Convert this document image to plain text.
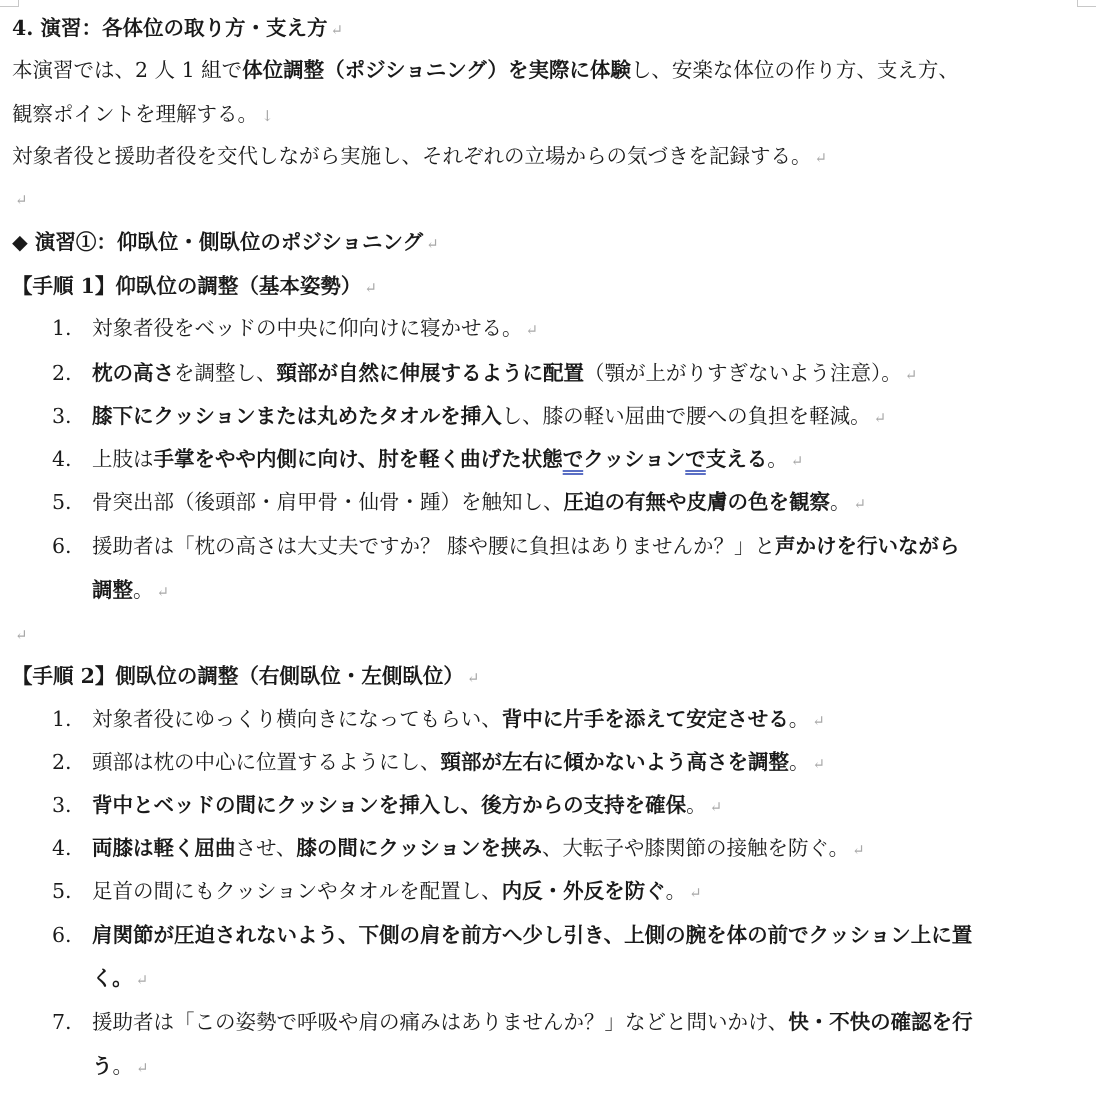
4. 演習：各体位の取り方・支え方 ↵
本演習では、2 人 1 組で体位調整（ポジショニング）を実際に体験し、安楽な体位の作り方、支え方、
観察ポイントを理解する。 ↓
対象者役と援助者役を交代しながら実施し、それぞれの立場からの気づきを記録する。 ↵
↵
◆ 演習①：仰臥位・側臥位のポジショニング ↵
【手順 1】仰臥位の調整（基本姿勢） ↵
1. 対象者役をベッドの中央に仰向けに寝かせる。 ↵
2. 枕の高さを調整し、頸部が自然に伸展するように配置（顎が上がりすぎないよう注意）。 ↵
3. 膝下にクッションまたは丸めたタオルを挿入し、膝の軽い屈曲で腰への負担を軽減。 ↵
4. 上肢は手掌をやや内側に向け、肘を軽く曲げた状態でクッションで支える。 ↵
5. 骨突出部（後頭部・肩甲骨・仙骨・踵）を触知し、圧迫の有無や皮膚の色を観察。 ↵
6. 援助者は「枕の高さは大丈夫ですか？ 膝や腰に負担はありませんか？」と声かけを行いながら
調整。 ↵
↵
【手順 2】側臥位の調整（右側臥位・左側臥位） ↵
1. 対象者役にゆっくり横向きになってもらい、背中に片手を添えて安定させる。 ↵
2. 頭部は枕の中心に位置するようにし、頸部が左右に傾かないよう高さを調整。 ↵
3. 背中とベッドの間にクッションを挿入し、後方からの支持を確保。 ↵
4. 両膝は軽く屈曲させ、膝の間にクッションを挟み、大転子や膝関節の接触を防ぐ。 ↵
5. 足首の間にもクッションやタオルを配置し、内反・外反を防ぐ。 ↵
6. 肩関節が圧迫されないよう、下側の肩を前方へ少し引き、上側の腕を体の前でクッション上に置
く。 ↵
7. 援助者は「この姿勢で呼吸や肩の痛みはありませんか？」などと問いかけ、快・不快の確認を行
う。 ↵
